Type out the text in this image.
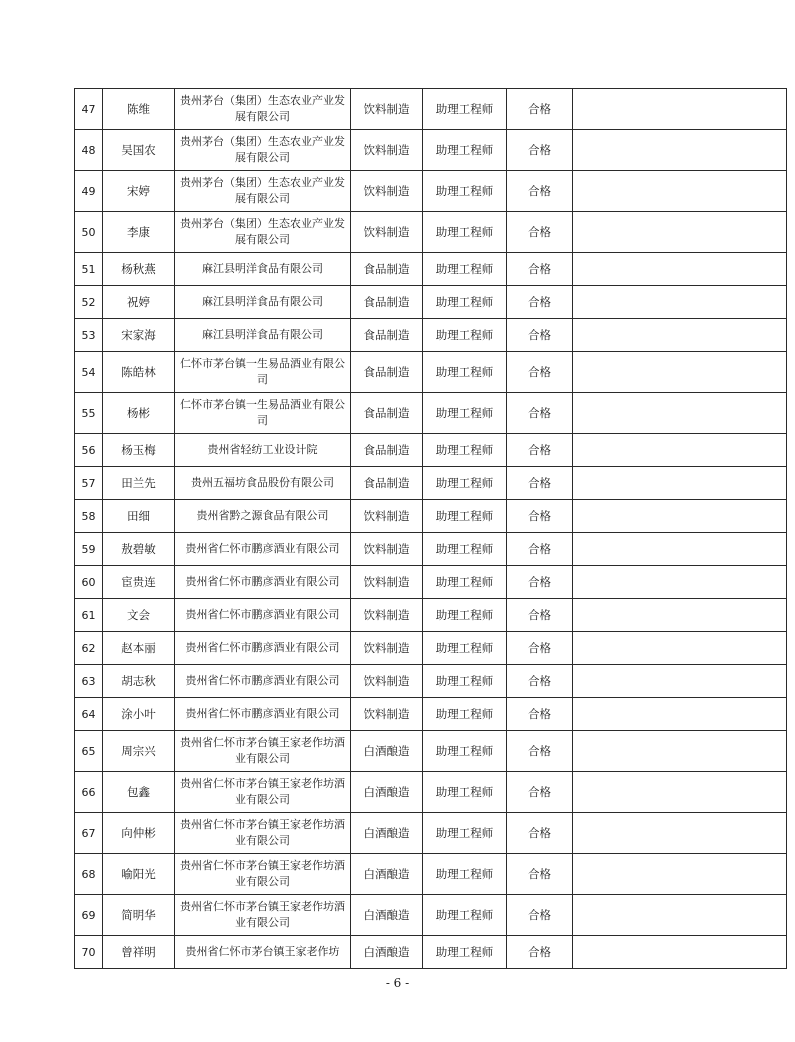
47	陈维	贵州茅台（集团）生态农业产业发展有限公司	饮料制造	助理工程师	合格	
48	吴国农	贵州茅台（集团）生态农业产业发展有限公司	饮料制造	助理工程师	合格	
49	宋婷	贵州茅台（集团）生态农业产业发展有限公司	饮料制造	助理工程师	合格	
50	李康	贵州茅台（集团）生态农业产业发展有限公司	饮料制造	助理工程师	合格	
51	杨秋燕	麻江县明洋食品有限公司	食品制造	助理工程师	合格	
52	祝婷	麻江县明洋食品有限公司	食品制造	助理工程师	合格	
53	宋家海	麻江县明洋食品有限公司	食品制造	助理工程师	合格	
54	陈皓林	仁怀市茅台镇一生易品酒业有限公司	食品制造	助理工程师	合格	
55	杨彬	仁怀市茅台镇一生易品酒业有限公司	食品制造	助理工程师	合格	
56	杨玉梅	贵州省轻纺工业设计院	食品制造	助理工程师	合格	
57	田兰先	贵州五福坊食品股份有限公司	食品制造	助理工程师	合格	
58	田细	贵州省黔之源食品有限公司	饮料制造	助理工程师	合格	
59	敖碧敏	贵州省仁怀市鹏彦酒业有限公司	饮料制造	助理工程师	合格	
60	宦贵连	贵州省仁怀市鹏彦酒业有限公司	饮料制造	助理工程师	合格	
61	文会	贵州省仁怀市鹏彦酒业有限公司	饮料制造	助理工程师	合格	
62	赵本丽	贵州省仁怀市鹏彦酒业有限公司	饮料制造	助理工程师	合格	
63	胡志秋	贵州省仁怀市鹏彦酒业有限公司	饮料制造	助理工程师	合格	
64	涂小叶	贵州省仁怀市鹏彦酒业有限公司	饮料制造	助理工程师	合格	
65	周宗兴	贵州省仁怀市茅台镇王家老作坊酒业有限公司	白酒酿造	助理工程师	合格	
66	包鑫	贵州省仁怀市茅台镇王家老作坊酒业有限公司	白酒酿造	助理工程师	合格	
67	向仲彬	贵州省仁怀市茅台镇王家老作坊酒业有限公司	白酒酿造	助理工程师	合格	
68	喻阳光	贵州省仁怀市茅台镇王家老作坊酒业有限公司	白酒酿造	助理工程师	合格	
69	简明华	贵州省仁怀市茅台镇王家老作坊酒业有限公司	白酒酿造	助理工程师	合格	
70	曾祥明	贵州省仁怀市茅台镇王家老作坊	白酒酿造	助理工程师	合格	
- 6 -
